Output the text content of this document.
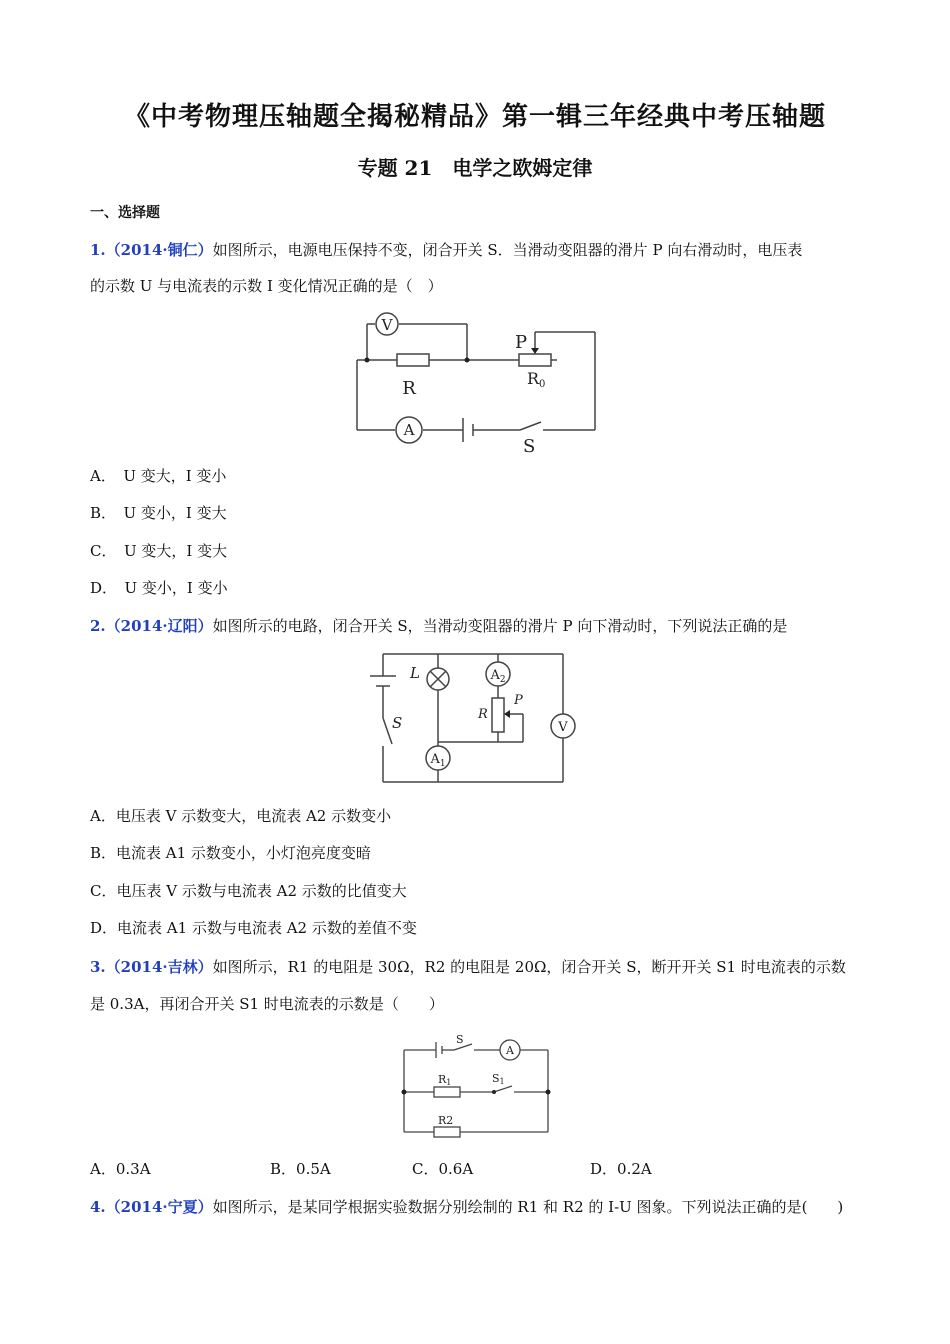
《中考物理压轴题全揭秘精品》第一辑三年经典中考压轴题
专题 21　电学之欧姆定律
一、选择题
1.（2014·铜仁）如图所示，电源电压保持不变，闭合开关 S．当滑动变阻器的滑片 P 向右滑动时，电压表
的示数 U 与电流表的示数 I 变化情况正确的是（　）
V
P
R	R0
A
S
A．　U 变大，I 变小
B．　U 变小，I 变大
C．　U 变大，I 变大
D．　U 变小，I 变小
2.（2014·辽阳）如图所示的电路，闭合开关 S，当滑动变阻器的滑片 P 向下滑动时，下列说法正确的是
L
S
$A_1$
$A_2$
R
P
V
A．电压表 V 示数变大，电流表 A2 示数变小
B．电流表 A1 示数变小，小灯泡亮度变暗
C．电压表 V 示数与电流表 A2 示数的比值变大
D．电流表 A1 示数与电流表 A2 示数的差值不变
3.（2014·吉林）如图所示，R1 的电阻是 30Ω，R2 的电阻是 20Ω，闭合开关 S，断开开关 S1 时电流表的示数
是 0.3A，再闭合开关 S1 时电流表的示数是（　　）
S
A
R1	S1
R2
A．0.3A	B．0.5A	C．0.6A	D．0.2A
4.（2014·宁夏）如图所示，是某同学根据实验数据分别绘制的 R1 和 R2 的 I-U 图象。下列说法正确的是(　　)
